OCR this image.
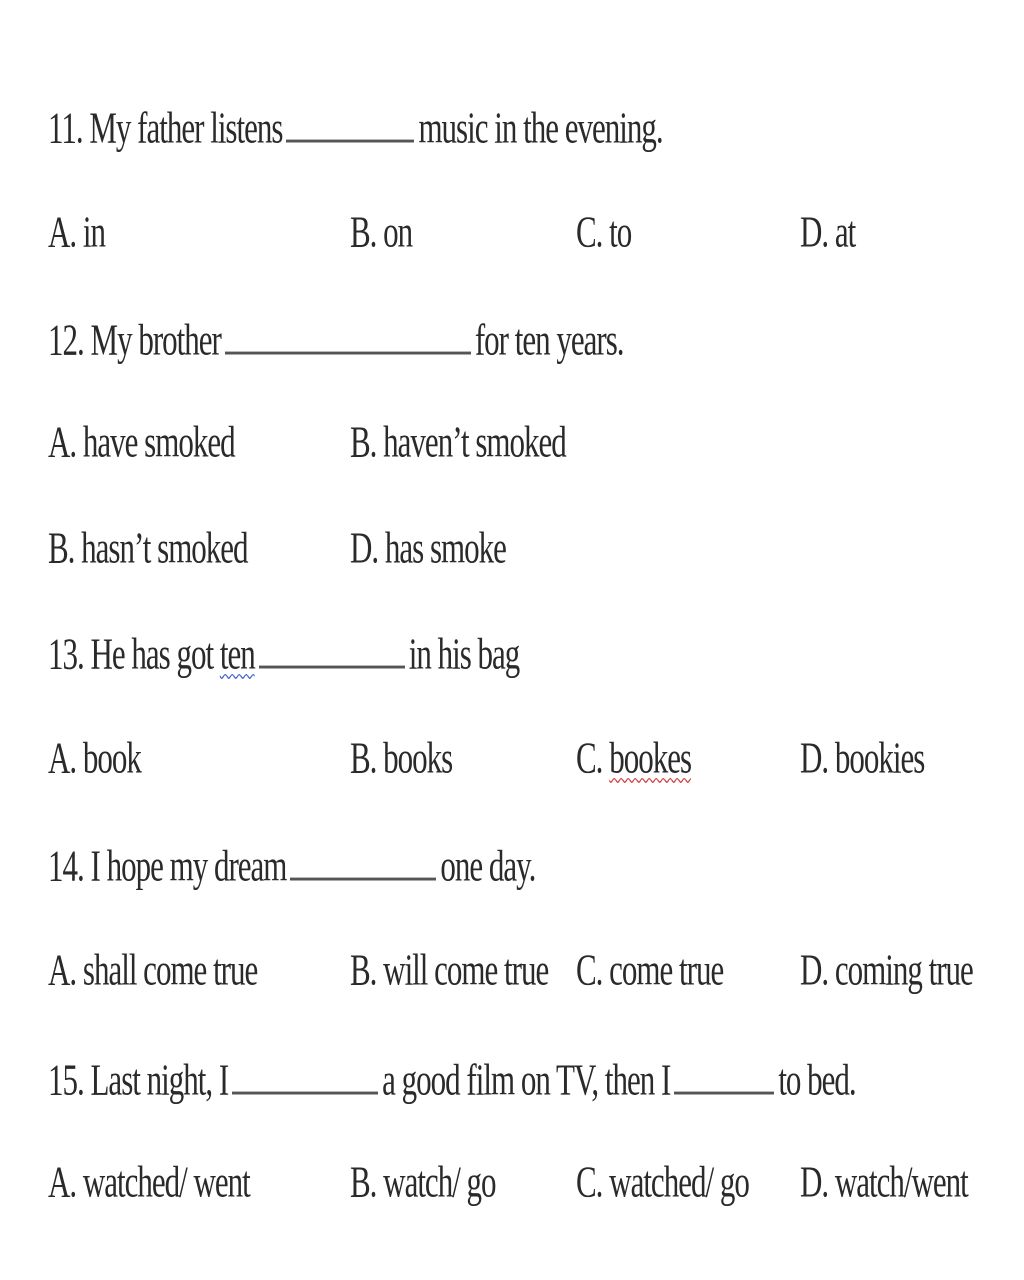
11. My father listens	music in the evening.
A. in	B. on	C. to	D. at
12. My brother	for ten years.
A. have smoked	B. haven’t smoked
B. hasn’t smoked	D. has smoke
13. He has got ten	in his bag
A. book	B. books	C. bookes	D. bookies
14. I hope my dream	one day.
A. shall come true	B. will come true C. come true D. coming true
15. Last night, I	a good film on TV, then I	to bed.
A. watched/ went	B. watch/ go	C. watched/ go D. watch/went
